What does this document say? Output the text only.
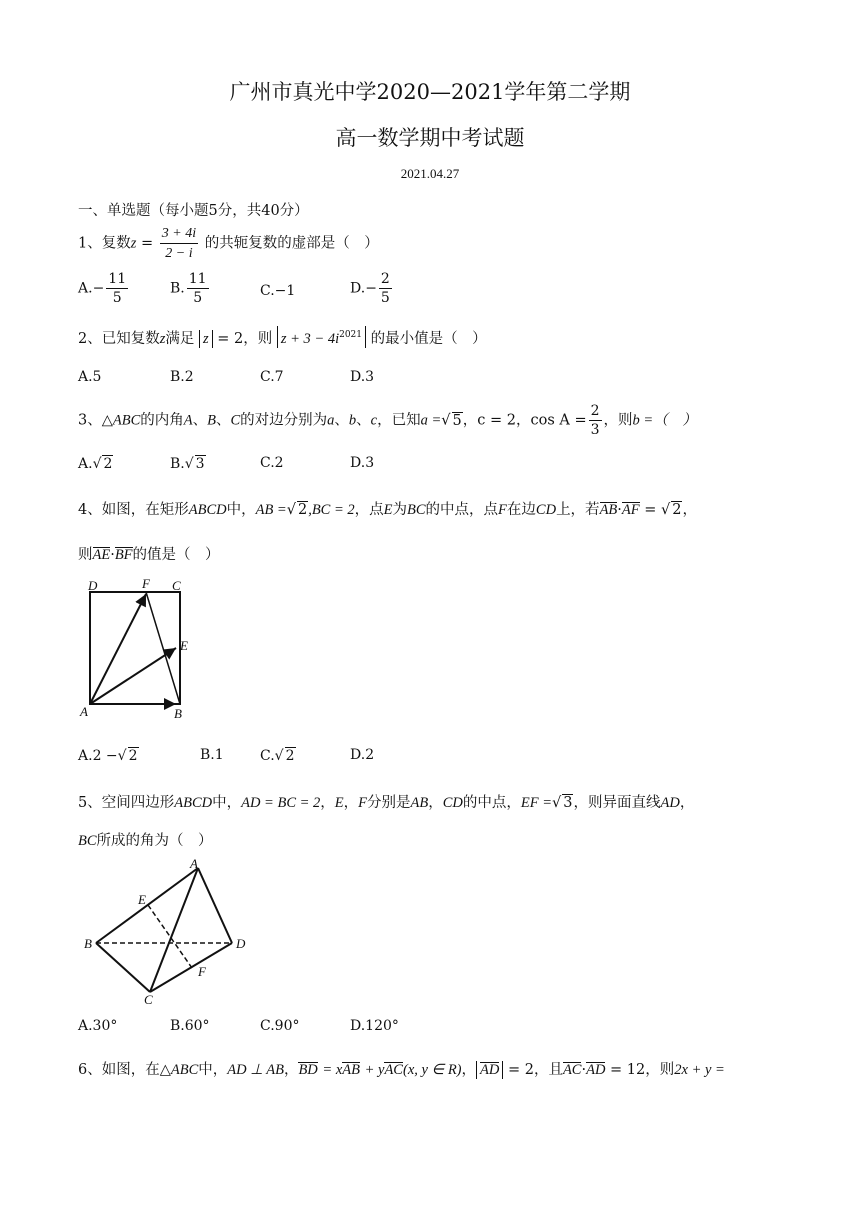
广州市真光中学2020—2021学年第二学期
高一数学期中考试题
2021.04.27
一、单选题（每小题5分，共40分）
1、复数$z = \frac{3 + 4i}{2 - i}$ 的共轭复数的虚部是（　）
$A.- \frac{11}{5}$	B. $\frac{11}{5}$	C.−1	$D.- \frac{2}{5}$
2、已知复数z满足 z = 2，则 $z + 3 - 4i^{2021}$ 的最小值是（　）
A.5	B.2	C.7	D.3
3、△ABC的内角A、B、C的对边分别为a、b、c，已知a =√ 5，c = 2，$\cos A = \frac{2}{3}$ ，则b =（　）
A.√ 2	B.√ 3	C.2	D.3
4、如图，在矩形ABCD中，AB =√ 2,BC = 2，点E为BC的中点，点F在边CD上，若AB·AF = √ 2，
则AE·BF的值是（　）
D	F C
E
A	B
A.2 −√ 2	B.1	C.√ 2	D.2
5、空间四边形ABCD中，AD = BC = 2，E，F分别是AB，CD的中点，EF =√ 3，则异面直线AD，
BC所成的角为（　）
A
E
B	D
F
C
A.30°	B.60°	C.90°	D.120°
6、如图，在△ABC中，AD ⊥ AB，BD = xAB + yAC(x, y ∈ R)， AD = 2，且AC·AD = 12，则2x + y =
